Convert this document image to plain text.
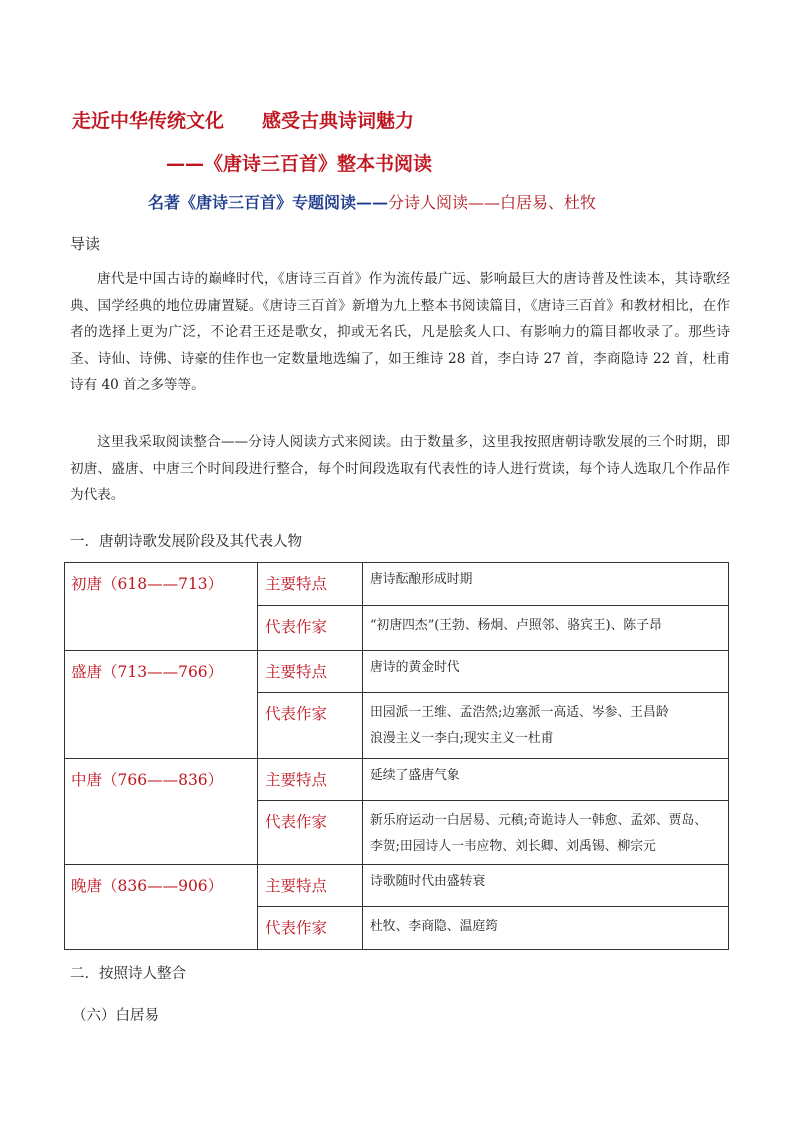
走近中华传统文化 感受古典诗词魅力
——《唐诗三百首》整本书阅读
名著《唐诗三百首》专题阅读——分诗人阅读——白居易、杜牧
导读
唐代是中国古诗的巅峰时代，《唐诗三百首》作为流传最广远、影响最巨大的唐诗普及性读本，其诗歌经典、国学经典的地位毋庸置疑。《唐诗三百首》新增为九上整本书阅读篇目，《唐诗三百首》和教材相比，在作者的选择上更为广泛，不论君王还是歌女，抑或无名氏，凡是脍炙人口、有影响力的篇目都收录了。那些诗圣、诗仙、诗佛、诗豪的佳作也一定数量地选编了，如王维诗 28 首，李白诗 27 首，李商隐诗 22 首，杜甫诗有 40 首之多等等。
这里我采取阅读整合——分诗人阅读方式来阅读。由于数量多，这里我按照唐朝诗歌发展的三个时期，即初唐、盛唐、中唐三个时间段进行整合，每个时间段选取有代表性的诗人进行赏读，每个诗人选取几个作品作为代表。
一．唐朝诗歌发展阶段及其代表人物
初唐（618——713）	主要特点	唐诗酝酿形成时期
	代表作家	“初唐四杰”(王勃、杨炯、卢照邻、骆宾王)、陈子昂

盛唐（713——766）	主要特点	唐诗的黄金时代
	代表作家	田园派一王维、孟浩然;边塞派一高适、岑参、王昌龄
浪漫主义一李白;现实主义一杜甫

中唐（766——836）	主要特点	延续了盛唐气象
	代表作家	新乐府运动一白居易、元稹;奇诡诗人一韩愈、孟郊、贾岛、
李贺;田园诗人一韦应物、刘长卿、刘禹锡、柳宗元

晚唐（836——906）	主要特点	诗歌随时代由盛转衰
	代表作家	杜牧、李商隐、温庭筠
二．按照诗人整合
（六）白居易
